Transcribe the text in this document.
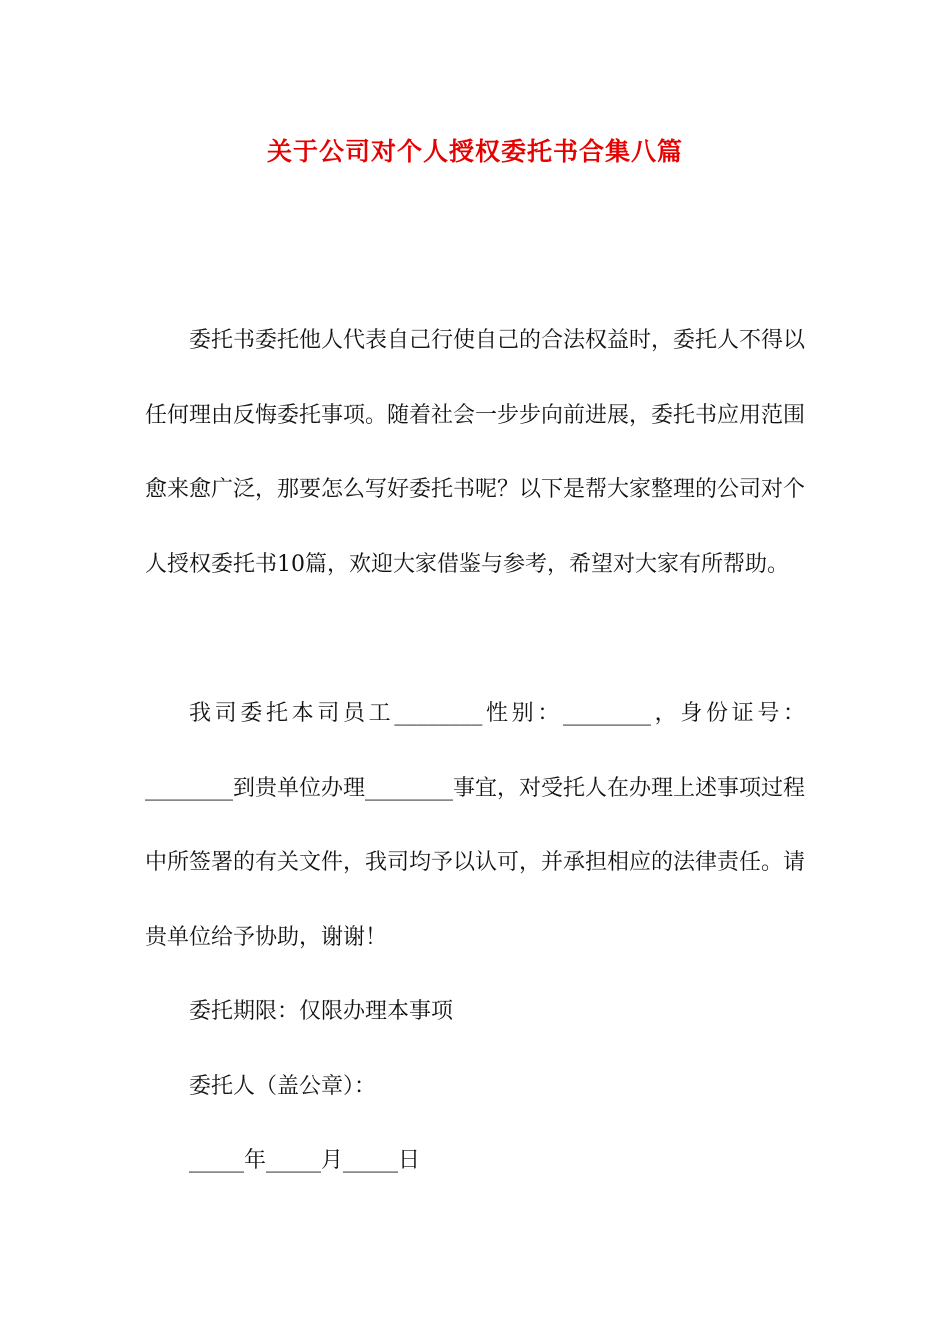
关于公司对个人授权委托书合集八篇

委托书委托他人代表自己行使自己的合法权益时，委托人不得以任何理由反悔委托事项。随着社会一步步向前进展，委托书应用范围愈来愈广泛，那要怎么写好委托书呢？以下是帮大家整理的公司对个人授权委托书10篇，欢迎大家借鉴与参考，希望对大家有所帮助。

我司委托本司员工________性别：________，身份证号：________到贵单位办理________事宜，对受托人在办理上述事项过程中所签署的有关文件，我司均予以认可，并承担相应的法律责任。请贵单位给予协助，谢谢！

委托期限：仅限办理本事项

委托人（盖公章）：

_____年_____月_____日
